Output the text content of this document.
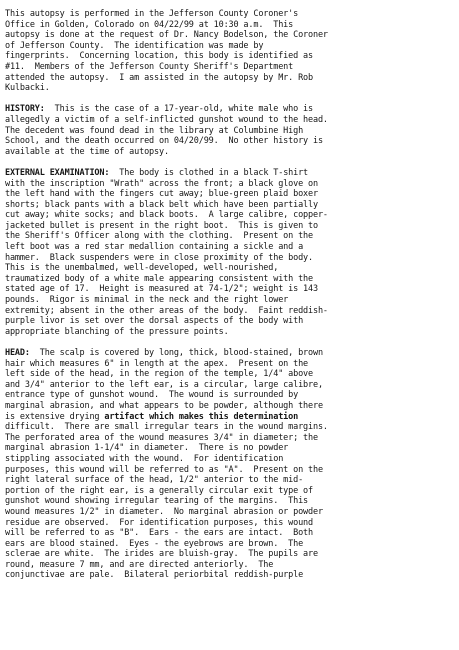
This autopsy is performed in the Jefferson County Coroner's
Office in Golden, Colorado on 04/22/99 at 10:30 a.m.  This
autopsy is done at the request of Dr. Nancy Bodelson, the Coroner
of Jefferson County.  The identification was made by
fingerprints.  Concerning location, this body is identified as
#11.  Members of the Jefferson County Sheriff's Department
attended the autopsy.  I am assisted in the autopsy by Mr. Rob
Kulbacki.
HISTORY:  This is the case of a 17-year-old, white male who is
allegedly a victim of a self-inflicted gunshot wound to the head.
The decedent was found dead in the library at Columbine High
School, and the death occurred on 04/20/99.  No other history is
available at the time of autopsy.
EXTERNAL EXAMINATION:  The body is clothed in a black T-shirt
with the inscription "Wrath" across the front; a black glove on
the left hand with the fingers cut away; blue-green plaid boxer
shorts; black pants with a black belt which have been partially
cut away; white socks; and black boots.  A large calibre, copper-
jacketed bullet is present in the right boot.  This is given to
the Sheriff's Officer along with the clothing.  Present on the
left boot was a red star medallion containing a sickle and a
hammer.  Black suspenders were in close proximity of the body.
This is the unembalmed, well-developed, well-nourished,
traumatized body of a white male appearing consistent with the
stated age of 17.  Height is measured at 74-1/2"; weight is 143
pounds.  Rigor is minimal in the neck and the right lower
extremity; absent in the other areas of the body.  Faint reddish-
purple livor is set over the dorsal aspects of the body with
appropriate blanching of the pressure points.
HEAD:  The scalp is covered by long, thick, blood-stained, brown
hair which measures 6" in length at the apex.  Present on the
left side of the head, in the region of the temple, 1/4" above
and 3/4" anterior to the left ear, is a circular, large calibre,
entrance type of gunshot wound.  The wound is surrounded by
marginal abrasion, and what appears to be powder, although there
is extensive drying artifact which makes this determination
difficult.  There are small irregular tears in the wound margins.
The perforated area of the wound measures 3/4" in diameter; the
marginal abrasion 1-1/4" in diameter.  There is no powder
stippling associated with the wound.  For identification
purposes, this wound will be referred to as "A".  Present on the
right lateral surface of the head, 1/2" anterior to the mid-
portion of the right ear, is a generally circular exit type of
gunshot wound showing irregular tearing of the margins.  This
wound measures 1/2" in diameter.  No marginal abrasion or powder
residue are observed.  For identification purposes, this wound
will be referred to as "B".  Ears - the ears are intact.  Both
ears are blood stained.  Eyes - the eyebrows are brown.  The
sclerae are white.  The irides are bluish-gray.  The pupils are
round, measure 7 mm, and are directed anteriorly.  The
conjunctivae are pale.  Bilateral periorbital reddish-purple
